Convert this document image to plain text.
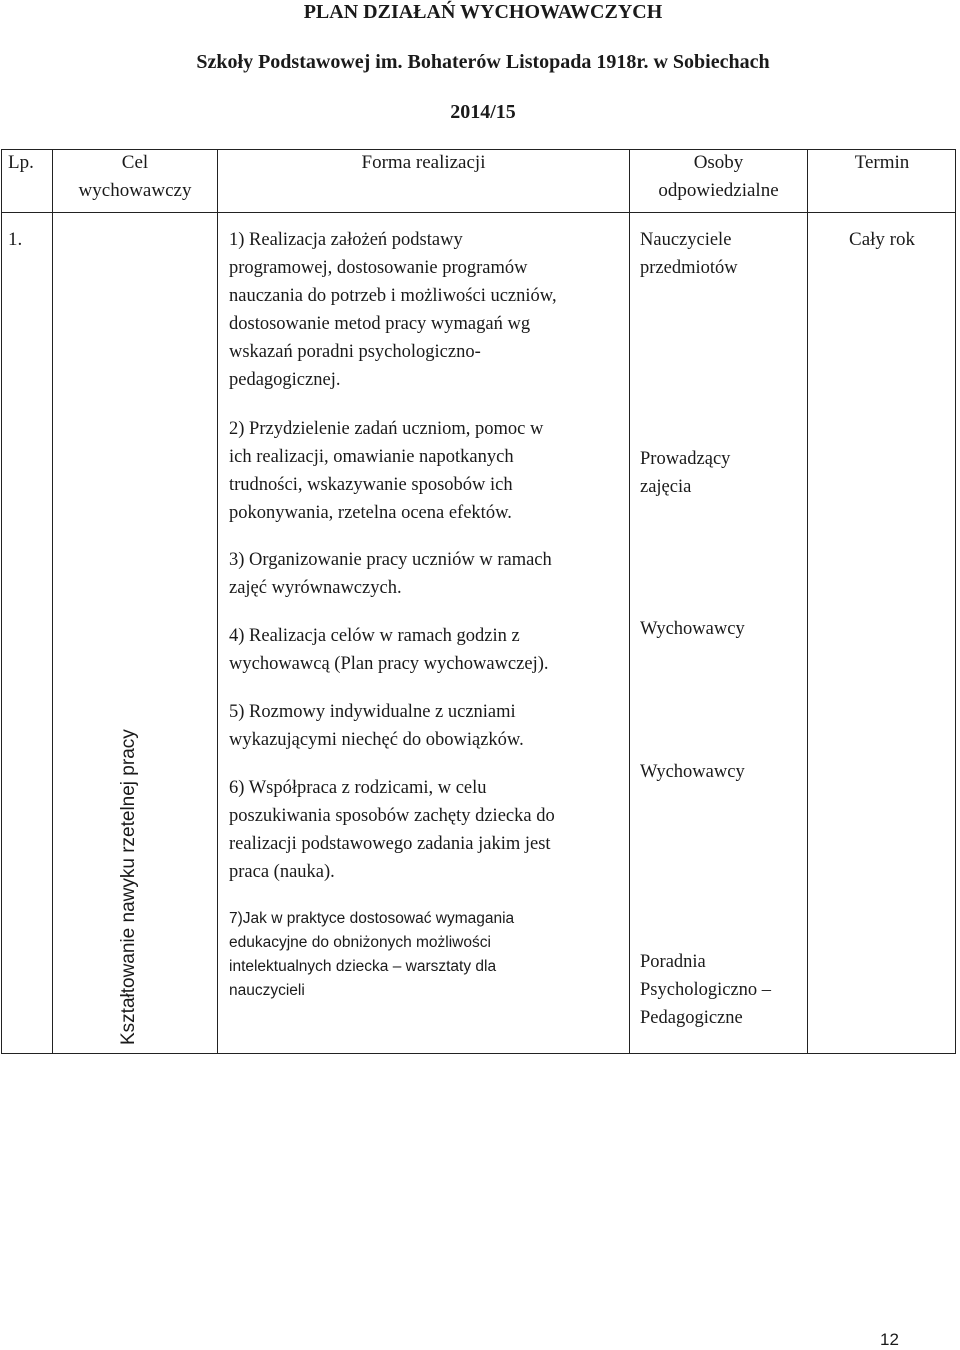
PLAN DZIAŁAŃ WYCHOWAWCZYCH
Szkoły Podstawowej im. Bohaterów Listopada 1918r. w Sobiechach
2014/15
Lp.	Cel
wychowawczy
Forma realizacji	Osoby
odpowiedzialne
Termin
1.
Kształtowanie nawyku rzetelnej pracy
1) Realizacja założeń podstawy
programowej, dostosowanie programów
nauczania do potrzeb i możliwości uczniów,
dostosowanie metod pracy wymagań wg
wskazań poradni psychologiczno-
pedagogicznej.
2) Przydzielenie zadań uczniom, pomoc w
ich realizacji, omawianie napotkanych
trudności, wskazywanie sposobów ich
pokonywania, rzetelna ocena efektów.
3) Organizowanie pracy uczniów w ramach
zajęć wyrównawczych.
4) Realizacja celów w ramach godzin z
wychowawcą (Plan pracy wychowawczej).
5) Rozmowy indywidualne z uczniami
wykazującymi niechęć do obowiązków.
6) Współpraca z rodzicami, w celu
poszukiwania sposobów zachęty dziecka do
realizacji podstawowego zadania jakim jest
praca (nauka).
7)Jak w praktyce dostosować wymagania
edukacyjne do obniżonych możliwości
intelektualnych dziecka – warsztaty dla
nauczycieli
Nauczyciele
przedmiotów
Prowadzący
zajęcia
Wychowawcy
Wychowawcy
Poradnia
Psychologiczno –
Pedagogiczne
Cały rok
12
